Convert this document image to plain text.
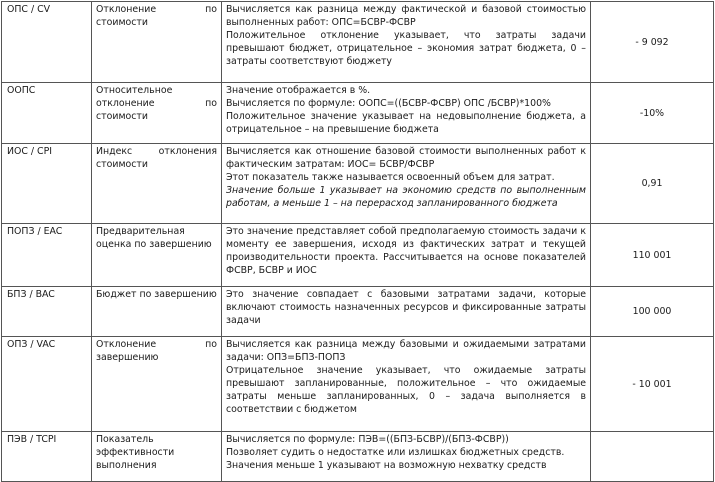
ОПС / CV	Отклонение по стоимости	Вычисляется как разница между фактической и базовой стоимостью выполненных работ: ОПС=БСВР-ФСВР
Положительное отклонение указывает, что затраты задачи превышают бюджет, отрицательное – экономия затрат бюджета, 0 – затраты соответствуют бюджету	- 9 092
ООПС	Относительное отклонение по стоимости	Значение отображается в %.
Вычисляется по формуле: ООПС=((БСВР-ФСВР) ОПС /БСВР)*100%
Положительное значение указывает на недовыполнение бюджета, а отрицательное – на превышение бюджета	-10%
ИОС / CPI	Индекс отклонения стоимости	Вычисляется как отношение базовой стоимости выполненных работ к фактическим затратам: ИОС= БСВР/ФСВР
Этот показатель также называется освоенный объем для затрат.
Значение больше 1 указывает на экономию средств по выполненным работам, а меньше 1 – на перерасход запланированного бюджета	0,91
ПОПЗ / EAC	Предварительная оценка по завершению	Это значение представляет собой предполагаемую стоимость задачи к моменту ее завершения, исходя из фактических затрат и текущей производительности проекта. Рассчитывается на основе показателей ФСВР, БСВР и ИОС	110 001
БПЗ / BAC	Бюджет по завершению	Это значение совпадает с базовыми затратами задачи, которые включают стоимость назначенных ресурсов и фиксированные затраты задачи	100 000
ОПЗ / VAC	Отклонение по завершению	Вычисляется как разница между базовыми и ожидаемыми затратами задачи: ОПЗ=БПЗ-ПОПЗ
Отрицательное значение указывает, что ожидаемые затраты превышают запланированные, положительное – что ожидаемые затраты меньше запланированных, 0 – задача выполняется в соответствии с бюджетом	- 10 001
ПЭВ / TCPI	Показатель эффективности выполнения	Вычисляется по формуле: ПЭВ=((БПЗ-БСВР)/(БПЗ-ФСВР))
Позволяет судить о недостатке или излишках бюджетных средств.
Значения меньше 1 указывают на возможную нехватку средств	
